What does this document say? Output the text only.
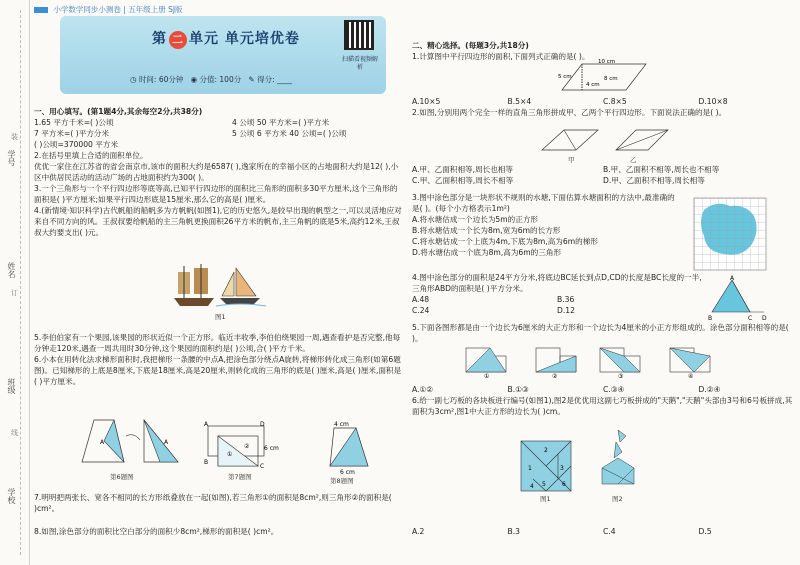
学号
姓名
班级
学校
装
订
线
小学数学同步小测卷 | 五年级上册 SJ版
第 二 单元 单元培优卷
◷ 时间: 60分钟 ◉ 分值: 100分 ✎ 得分: ____
扫描看视频解析
一、用心填写。(第1题4分,其余每空2分,共38分)
1.65 平方千米=( )公顷	4 公顷 50 平方米=( )平方米
7 平方米=( )平方分米	5 公顷 6 平方米 40 公顷=( )公顷
( )公顷=370000 平方米
2.在括号里填上合适的面积单位。
优优一家住在江苏省的省会南京市,该市的面积大约是6587( ),逸家所在的幸福小区的占地面积大约是12( ),小区中供居民活动的活动广场的占地面积约为300( )。
3.一个三角形与一个平行四边形等底等高,已知平行四边形的面积比三角形的面积多30平方厘米,这个三角形的面积是( )平方厘米;如果平行四边形底是15厘米,那么它的高是( )厘米。
4.(新情境·知识科学)古代帆船的船帆多为方帆帆(如图1),它的历史悠久,是较早出现的帆型之一,可以灵活地应对来自不同方向的风。王叔叔要给帆船的主三角帆更换面积26平方米的帆布,主三角帆的底是5米,高约12米,王叔叔大约要支出( )元。
图1
5.李伯伯家有一个果园,该果园的形状近似一个正方形。临近丰收季,李伯伯绕果园一周,遇查看护是否完整,他每分钟走120米,遇查一周共用时30分钟,这个果园的面积约是( )公顷,合( )平方千米。
6.小本在用转化法求梯形面积时,我把梯形一条腰的中点A,把涂色部分绕点A旋转,将梯形转化成三角形(如第6题图)。已知梯形的上底是8厘米,下底是18厘米,高是20厘米,则转化成的三角形的底是( )厘米,高是( )厘米,面积是( )平方厘米。
A	A
第6题图
①
②
A	D
B
C
6 cm
第7题图
4 cm
6 cm
第8题图
7.明明把两张长、宽各不相同的长方形纸叠放在一起(如图),若三角形①的面积是8cm²,则三角形②的面积是( )cm²。
8.如图,涂色部分的面积比空白部分的面积少8cm²,梯形的面积是( )cm²。
二、精心选择。(每题3分,共18分)
1.计算图中平行四边形的面积,下面列式正确的是( )。
10 cm
8 cm
4 cm
5 cm
A.10×5	B.5×4	C.8×5	D.10×8
2.如图,分别用两个完全一样的直角三角形拼成甲、乙两个平行四边形。下面说法正确的是( )。
甲	乙
A.甲、乙面积相等,周长也相等	B.甲、乙面积不相等,周长也不相等
C.甲、乙面积相等,周长不相等	D.甲、乙面积不相等,周长相等
3.图中涂色部分是一块形状不规则的水塘,下面估算水塘面积的方法中,最准确的是( )。(每个小方格表示1m²)
A.将水塘估成一个边长为5m的正方形
B.将水塘估成一个长为8m,宽为6m的长方形
C.将水塘估成一个上底为4m,下底为8m,高为6m的梯形
D.将水塘估成一个底为8m,高为6m的三角形
4.图中涂色部分的面积是24平方分米,将底边BC延长到点D,CD的长度是BC长度的一半,三角形ABD的面积是( )平方分米。
A.48	B.36
C.24	D.12
A
B	C D
5.下面各图形都是由一个边长为6厘米的大正方形和一个边长为4厘米的小正方形组成的。涂色部分面积相等的是( )。
①	②	③	④
A.①②	B.①③	C.③④	D.②④
6.给一副七巧板的各块板进行编号(如图1),图2是优优用这副七巧板拼成的"天鹅","天鹅"头部由3号和6号板拼成,其面积为3cm²,图1中大正方形的边长为( )cm。
1
2
3
5
4	6
图1	图2
A.2	B.3	C.4	D.5
